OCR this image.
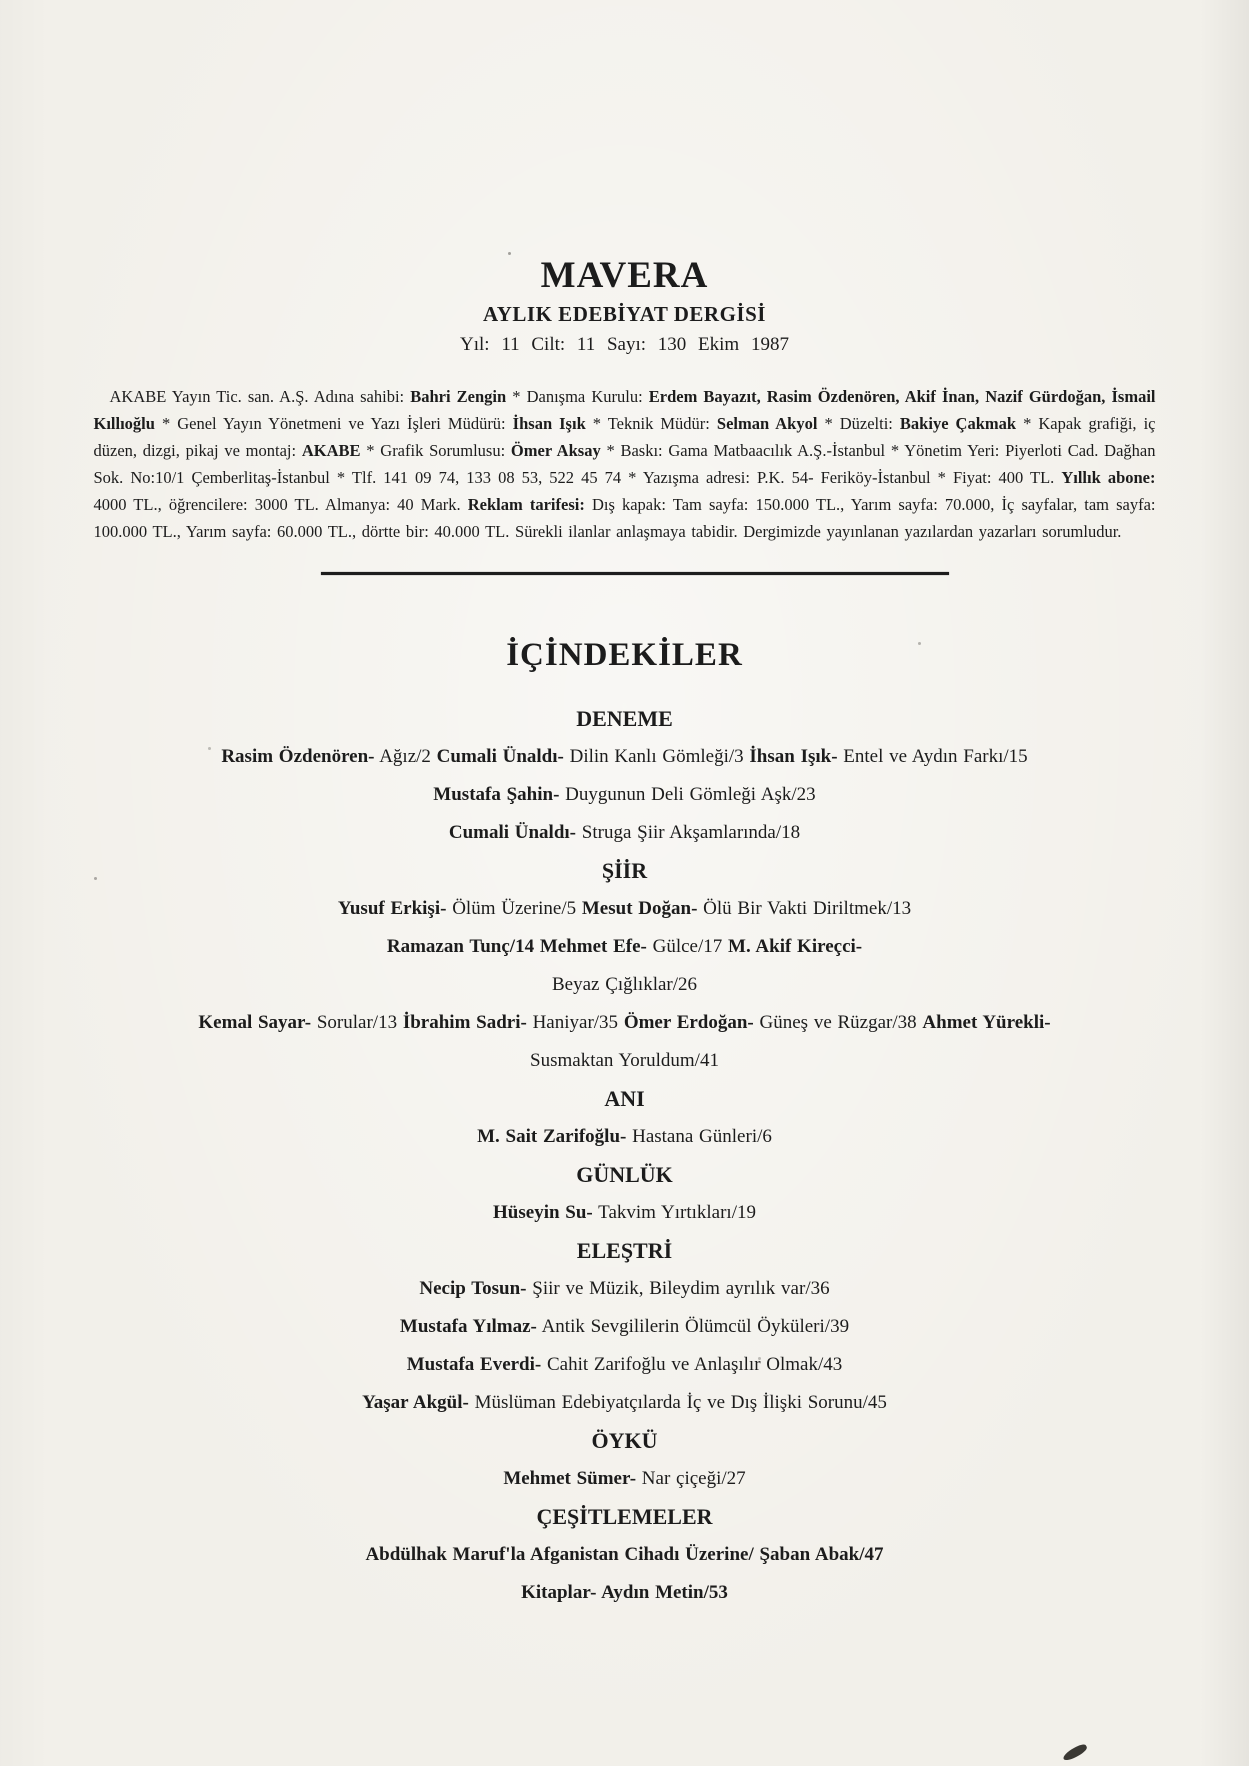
MAVERA
AYLIK EDEBİYAT DERGİSİ
Yıl: 11 Cilt: 11 Sayı: 130 Ekim 1987

AKABE Yayın Tic. san. A.Ş. Adına sahibi: Bahri Zengin * Danışma Kurulu: Erdem Bayazıt, Rasim Özdenören, Akif İnan, Nazif Gürdoğan, İsmail Kıllıoğlu * Genel Yayın Yönetmeni ve Yazı İşleri Müdürü: İhsan Işık * Teknik Müdür: Selman Akyol * Düzelti: Bakiye Çakmak * Kapak grafiği, iç düzen, dizgi, pikaj ve montaj: AKABE * Grafik Sorumlusu: Ömer Aksay * Baskı: Gama Matbaacılık A.Ş.-İstanbul * Yönetim Yeri: Piyerloti Cad. Dağhan Sok. No:10/1 Çemberlitaş-İstanbul * Tlf. 141 09 74, 133 08 53, 522 45 74 * Yazışma adresi: P.K. 54- Feriköy-İstanbul * Fiyat: 400 TL. Yıllık abone: 4000 TL., öğrencilere: 3000 TL. Almanya: 40 Mark. Reklam tarifesi: Dış kapak: Tam sayfa: 150.000 TL., Yarım sayfa: 70.000, İç sayfalar, tam sayfa: 100.000 TL., Yarım sayfa: 60.000 TL., dörtte bir: 40.000 TL. Sürekli ilanlar anlaşmaya tabidir. Dergimizde yayınlanan yazılardan yazarları sorumludur.

İÇİNDEKİLER
DENEME
Rasim Özdenören- Ağız/2 Cumali Ünaldı- Dilin Kanlı Gömleği/3 İhsan Işık- Entel ve Aydın Farkı/15
Mustafa Şahin- Duygunun Deli Gömleği Aşk/23
Cumali Ünaldı- Struga Şiir Akşamlarında/18
ŞİİR
Yusuf Erkişi- Ölüm Üzerine/5 Mesut Doğan- Ölü Bir Vakti Diriltmek/13
Ramazan Tunç/14 Mehmet Efe- Gülce/17 M. Akif Kireçci-
Beyaz Çığlıklar/26
Kemal Sayar- Sorular/13 İbrahim Sadri- Haniyar/35 Ömer Erdoğan- Güneş ve Rüzgar/38 Ahmet Yürekli-
Susmaktan Yoruldum/41
ANI
M. Sait Zarifoğlu- Hastana Günleri/6
GÜNLÜK
Hüseyin Su- Takvim Yırtıkları/19
ELEŞTRİ
Necip Tosun- Şiir ve Müzik, Bileydim ayrılık var/36
Mustafa Yılmaz- Antik Sevgililerin Ölümcül Öyküleri/39
Mustafa Everdi- Cahit Zarifoğlu ve Anlaşılır Olmak/43
Yaşar Akgül- Müslüman Edebiyatçılarda İç ve Dış İlişki Sorunu/45
ÖYKÜ
Mehmet Sümer- Nar çiçeği/27
ÇEŞİTLEMELER
Abdülhak Maruf'la Afganistan Cihadı Üzerine/ Şaban Abak/47
Kitaplar- Aydın Metin/53
